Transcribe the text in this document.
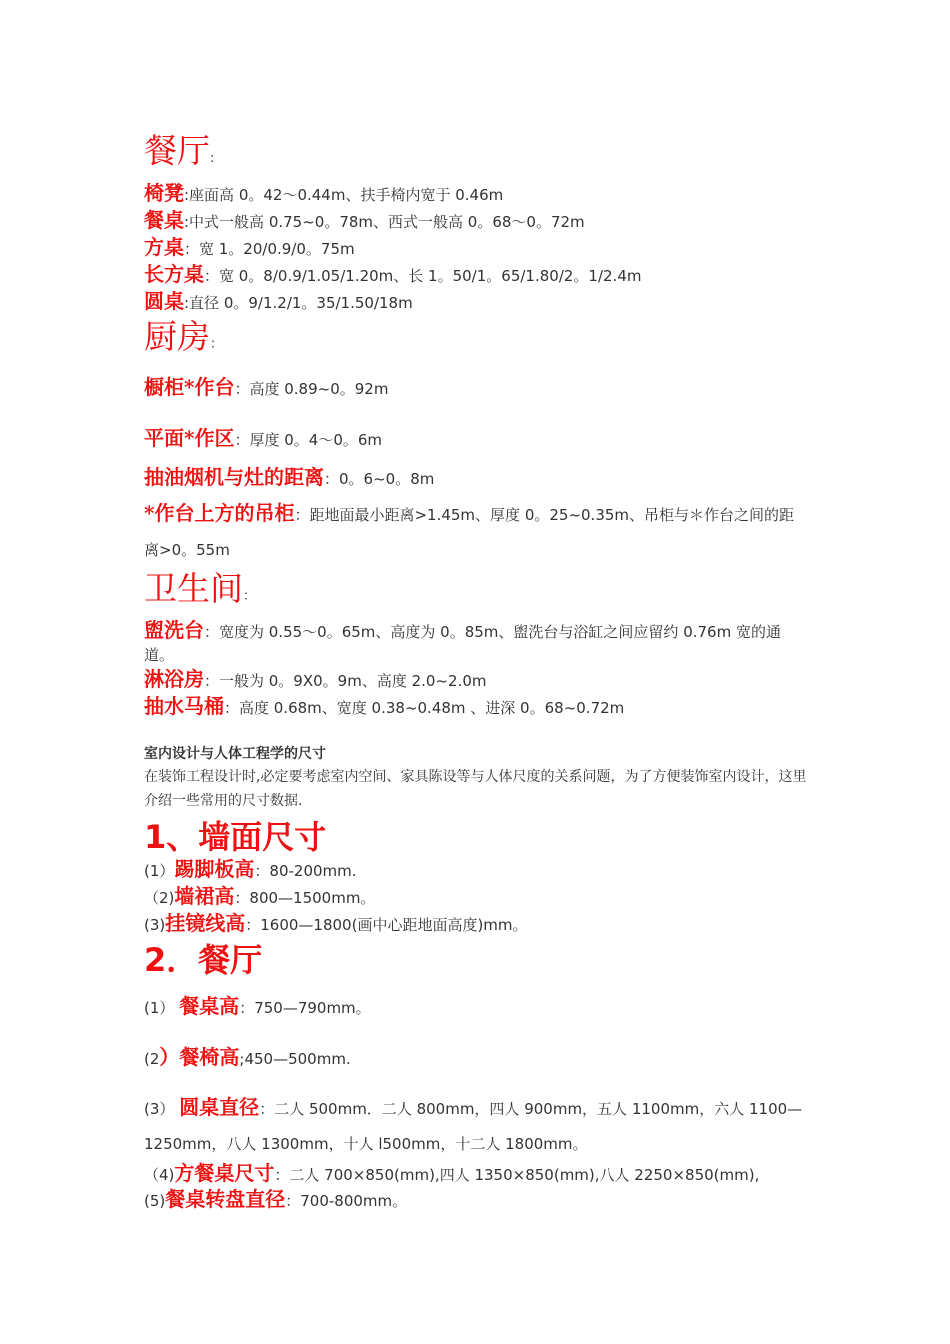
餐厅:
椅凳:座面高 0。42～0.44m、扶手椅内宽于 0.46m
餐桌:中式一般高 0.75~0。78m、西式一般高 0。68～0。72m
方桌：宽 1。20/0.9/0。75m
长方桌：宽 0。8/0.9/1.05/1.20m、长 1。50/1。65/1.80/2。1/2.4m
圆桌:直径 0。9/1.2/1。35/1.50/18m
厨房：
橱柜*作台：高度 0.89~0。92m
平面*作区：厚度 0。4～0。6m
抽油烟机与灶的距离：0。6~0。8m
*作台上方的吊柜：距地面最小距离>1.45m、厚度 0。25~0.35m、吊柜与＊作台之间的距离>0。55m
卫生间：
盥洗台：宽度为 0.55～0。65m、高度为 0。85m、盥洗台与浴缸之间应留约 0.76m 宽的通道。
淋浴房：一般为 0。9X0。9m、高度 2.0~2.0m
抽水马桶：高度 0.68m、宽度 0.38~0.48m 、进深 0。68~0.72m
室内设计与人体工程学的尺寸
在装饰工程设计时,必定要考虑室内空间、家具陈设等与人体尺度的关系问题，为了方便装饰室内设计，这里介绍一些常用的尺寸数据.
1、墙面尺寸
(1）踢脚板高：80-200mm.
（2)墙裙高：800—1500mm。
(3)挂镜线高：1600—1800(画中心距地面高度)mm。
2．餐厅
(1） 餐桌高：750—790mm。
(2）餐椅高;450—500mm.
(3） 圆桌直径：二人 500mm．二人 800mm，四人 900mm，五人 1100mm，六人 1100—1250mm，八人 1300mm，十人 l500mm，十二人 1800mm。
（4)方餐桌尺寸：二人 700×850(mm),四人 1350×850(mm),八人 2250×850(mm),
(5)餐桌转盘直径：700-800mm。
